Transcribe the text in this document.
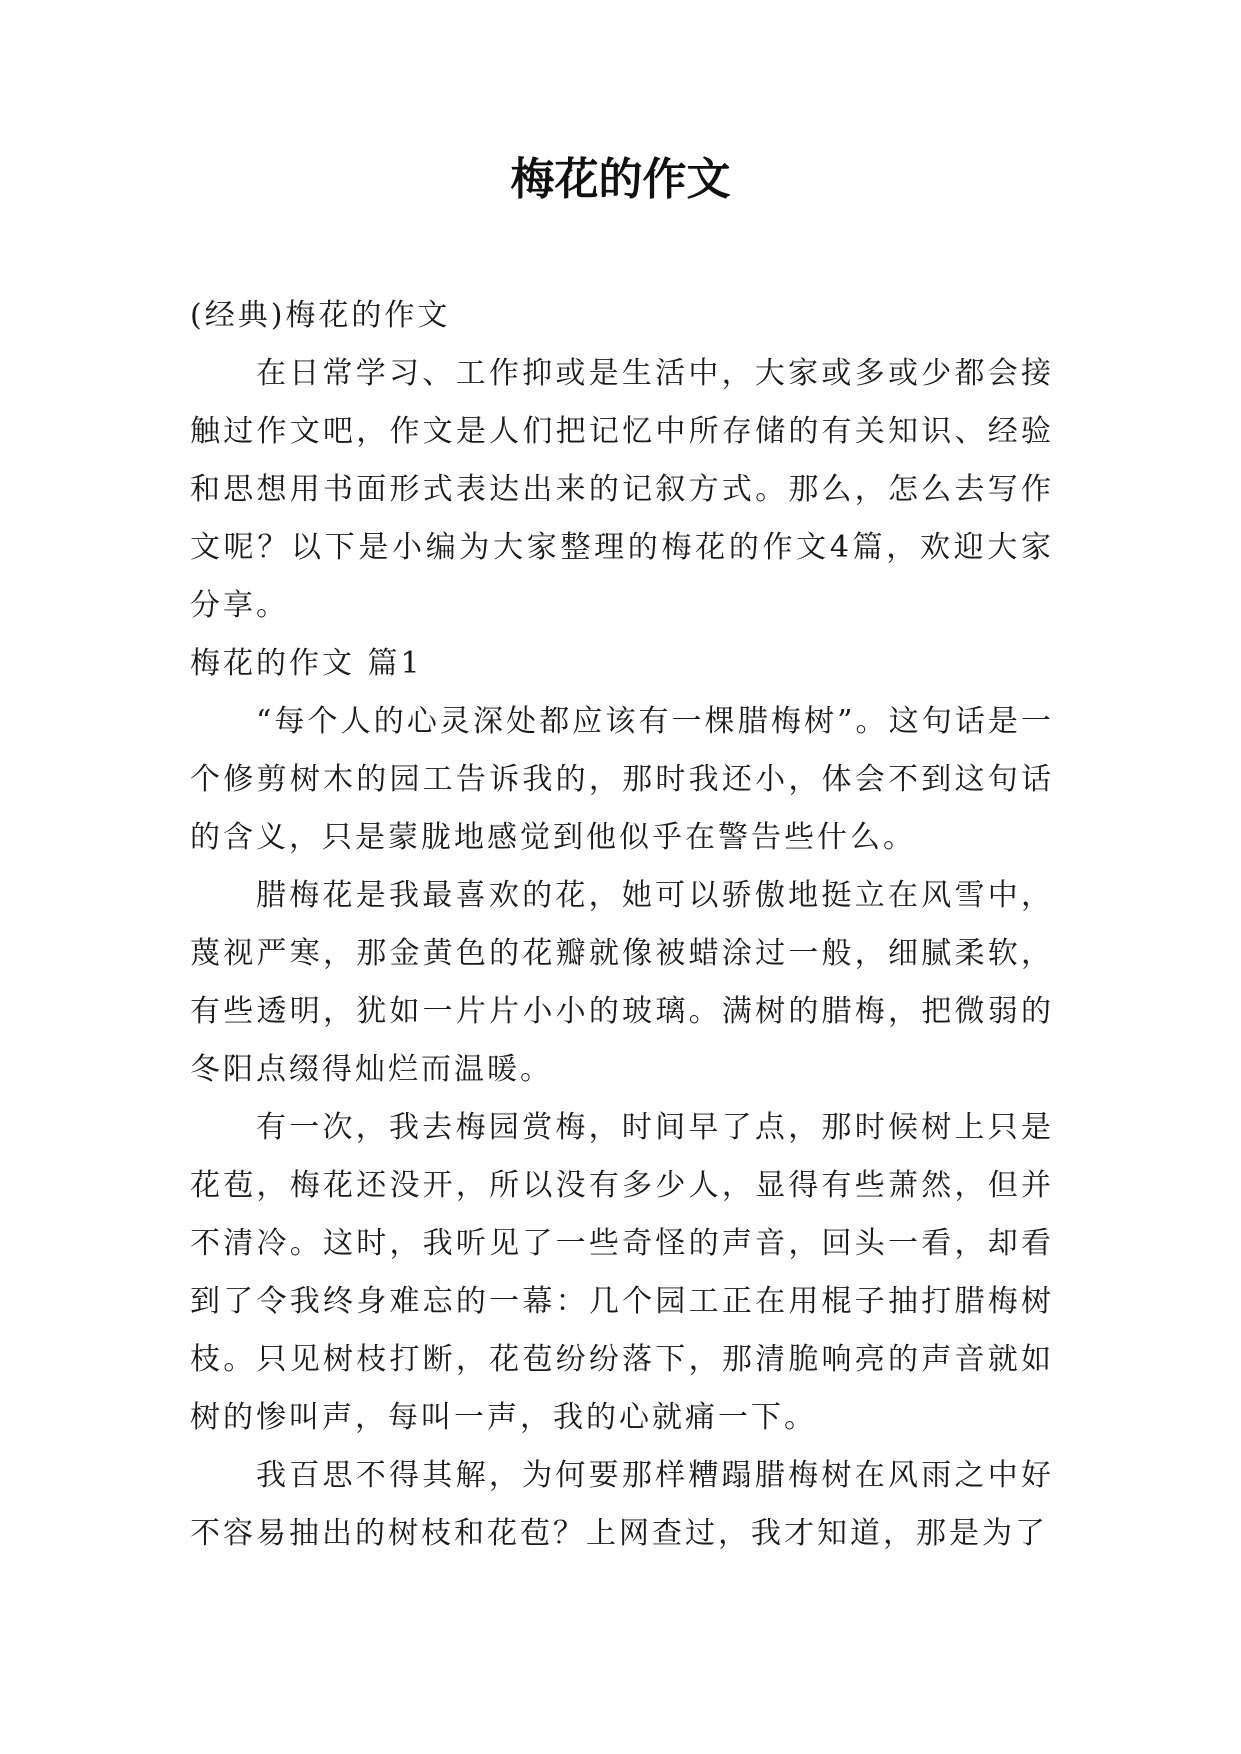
梅花的作文

(经典)梅花的作文

在日常学习、工作抑或是生活中，大家或多或少都会接触过作文吧，作文是人们把记忆中所存储的有关知识、经验和思想用书面形式表达出来的记叙方式。那么，怎么去写作文呢？以下是小编为大家整理的梅花的作文4篇，欢迎大家分享。

梅花的作文 篇1

“每个人的心灵深处都应该有一棵腊梅树”。这句话是一个修剪树木的园工告诉我的，那时我还小，体会不到这句话的含义，只是蒙胧地感觉到他似乎在警告些什么。

腊梅花是我最喜欢的花，她可以骄傲地挺立在风雪中，蔑视严寒，那金黄色的花瓣就像被蜡涂过一般，细腻柔软，有些透明，犹如一片片小小的玻璃。满树的腊梅，把微弱的冬阳点缀得灿烂而温暖。

有一次，我去梅园赏梅，时间早了点，那时候树上只是花苞，梅花还没开，所以没有多少人，显得有些萧然，但并不清冷。这时，我听见了一些奇怪的声音，回头一看，却看到了令我终身难忘的一幕：几个园工正在用棍子抽打腊梅树枝。只见树枝打断，花苞纷纷落下，那清脆响亮的声音就如树的惨叫声，每叫一声，我的心就痛一下。

我百思不得其解，为何要那样糟蹋腊梅树在风雨之中好不容易抽出的树枝和花苞？上网查过，我才知道，那是为了
